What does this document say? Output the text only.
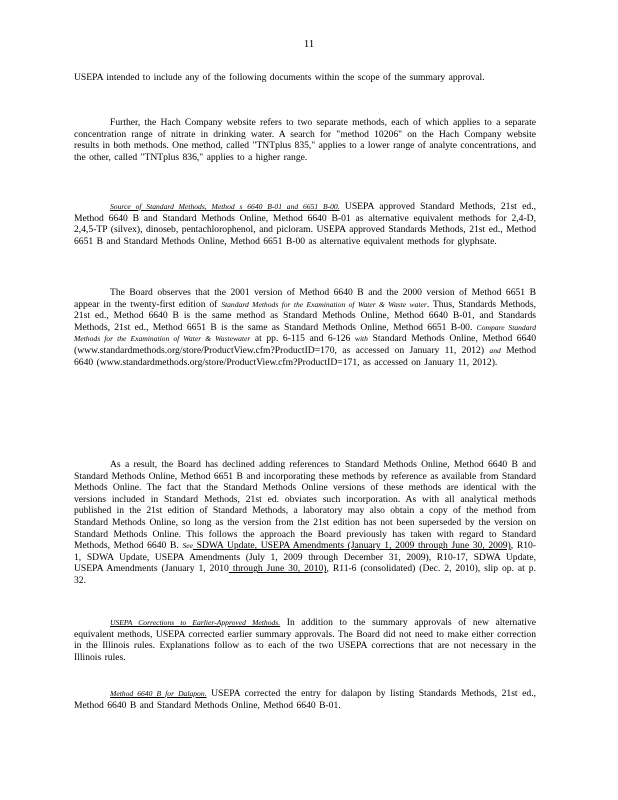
11

USEPA intended to include any of the following documents within the scope of the summary approval.

Further, the Hach Company website refers to two separate methods, each of which applies to a separate concentration range of nitrate in drinking water. A search for "method 10206" on the Hach Company website results in both methods. One method, called "TNTplus 835," applies to a lower range of analyte concentrations, and the other, called "TNTplus 836," applies to a higher range.

Source of Standard Methods, Method s 6640 B-01 and 6651 B-00. USEPA approved Standard Methods, 21st ed., Method 6640 B and Standard Methods Online, Method 6640 B-01 as alternative equivalent methods for 2,4-D, 2,4,5-TP (silvex), dinoseb, pentachlorophenol, and picloram. USEPA approved Standards Methods, 21st ed., Method 6651 B and Standard Methods Online, Method 6651 B-00 as alternative equivalent methods for glyphsate.

The Board observes that the 2001 version of Method 6640 B and the 2000 version of Method 6651 B appear in the twenty-first edition of Standard Methods for the Examination of Water & Waste water. Thus, Standards Methods, 21st ed., Method 6640 B is the same method as Standard Methods Online, Method 6640 B-01, and Standards Methods, 21st ed., Method 6651 B is the same as Standard Methods Online, Method 6651 B-00. Compare Standard Methods for the Examination of Water & Wastewater at pp. 6-115 and 6-126 with Standard Methods Online, Method 6640 (www.standardmethods.org/store/ProductView.cfm?ProductID=170, as accessed on January 11, 2012) and Method 6640 (www.standardmethods.org/store/ProductView.cfm?ProductID=171, as accessed on January 11, 2012).

As a result, the Board has declined adding references to Standard Methods Online, Method 6640 B and Standard Methods Online, Method 6651 B and incorporating these methods by reference as available from Standard Methods Online. The fact that the Standard Methods Online versions of these methods are identical with the versions included in Standard Methods, 21st ed. obviates such incorporation. As with all analytical methods published in the 21st edition of Standard Methods, a laboratory may also obtain a copy of the method from Standard Methods Online, so long as the version from the 21st edition has not been superseded by the version on Standard Methods Online. This follows the approach the Board previously has taken with regard to Standard Methods, Method 6640 B. See SDWA Update, USEPA Amendments (January 1, 2009 through June 30, 2009), R10-1, SDWA Update, USEPA Amendments (July 1, 2009 through December 31, 2009), R10-17, SDWA Update, USEPA Amendments (January 1, 2010 through June 30, 2010), R11-6 (consolidated) (Dec. 2, 2010), slip op. at p. 32.

USEPA Corrections to Earlier-Approved Methods. In addition to the summary approvals of new alternative equivalent methods, USEPA corrected earlier summary approvals. The Board did not need to make either correction in the Illinois rules. Explanations follow as to each of the two USEPA corrections that are not necessary in the Illinois rules.

Method 6640 B for Dalapon. USEPA corrected the entry for dalapon by listing Standards Methods, 21st ed., Method 6640 B and Standard Methods Online, Method 6640 B-01.
